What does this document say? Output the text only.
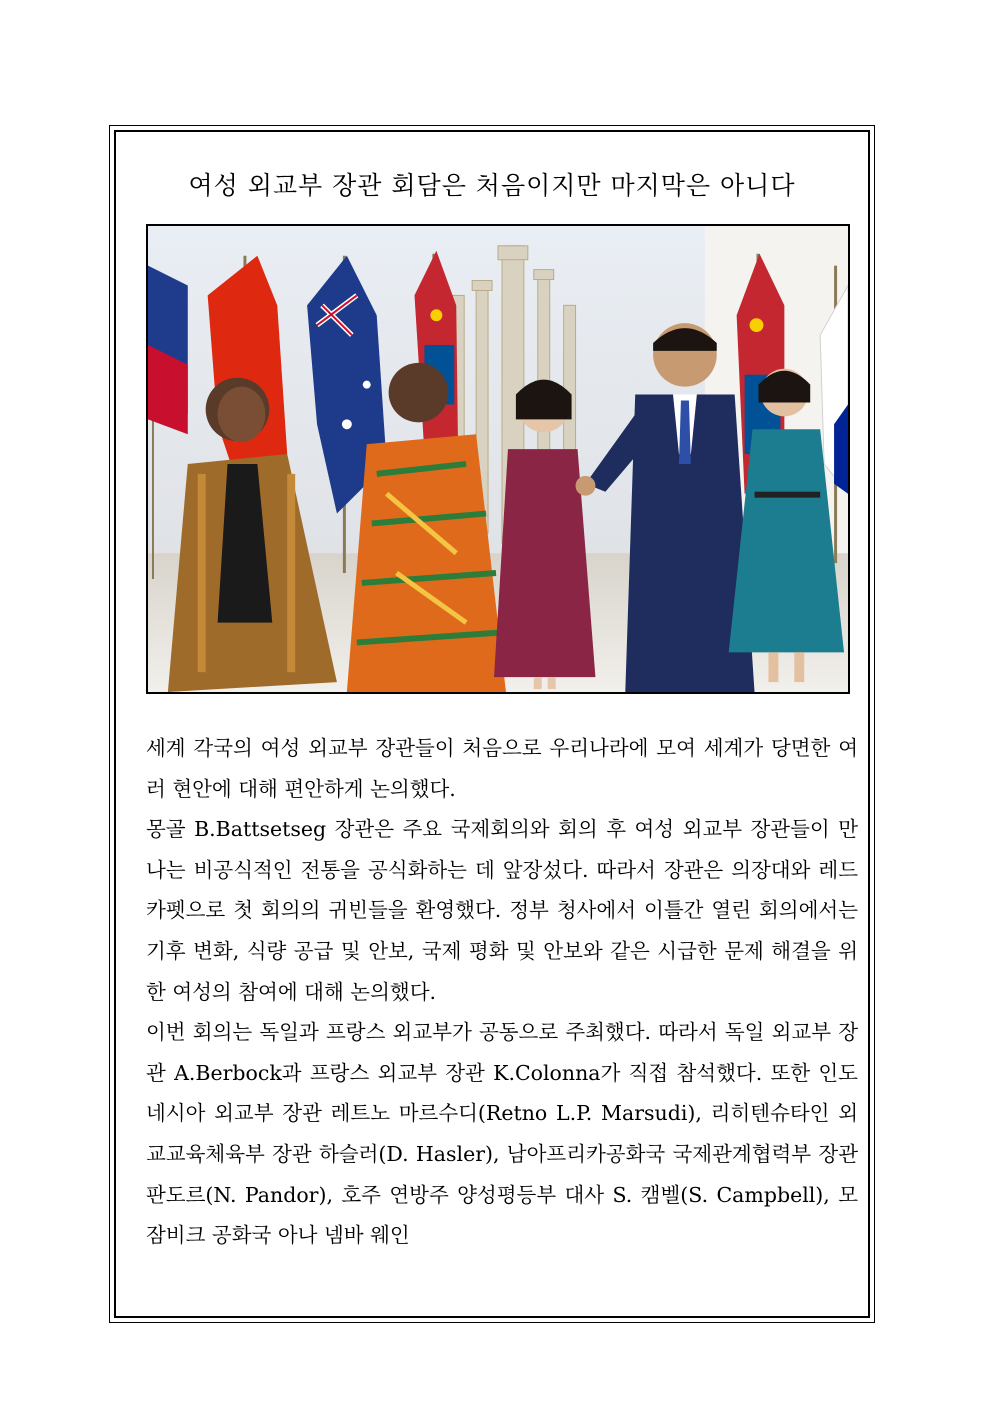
여성 외교부 장관 회담은 처음이지만 마지막은 아니다

세계 각국의 여성 외교부 장관들이 처음으로 우리나라에 모여 세계가 당면한 여러 현안에 대해 편안하게 논의했다.

몽골 B.Battsetseg 장관은 주요 국제회의와 회의 후 여성 외교부 장관들이 만나는 비공식적인 전통을 공식화하는 데 앞장섰다. 따라서 장관은 의장대와 레드 카펫으로 첫 회의의 귀빈들을 환영했다. 정부 청사에서 이틀간 열린 회의에서는 기후 변화, 식량 공급 및 안보, 국제 평화 및 안보와 같은 시급한 문제 해결을 위한 여성의 참여에 대해 논의했다.

이번 회의는 독일과 프랑스 외교부가 공동으로 주최했다. 따라서 독일 외교부 장관 A.Berbock과 프랑스 외교부 장관 K.Colonna가 직접 참석했다. 또한 인도네시아 외교부 장관 레트노 마르수디(Retno L.P. Marsudi), 리히텐슈타인 외교교육체육부 장관 하슬러(D. Hasler), 남아프리카공화국 국제관계협력부 장관 판도르(N. Pandor), 호주 연방주 양성평등부 대사 S. 캠벨(S. Campbell), 모잠비크 공화국 아나 넴바 웨인
